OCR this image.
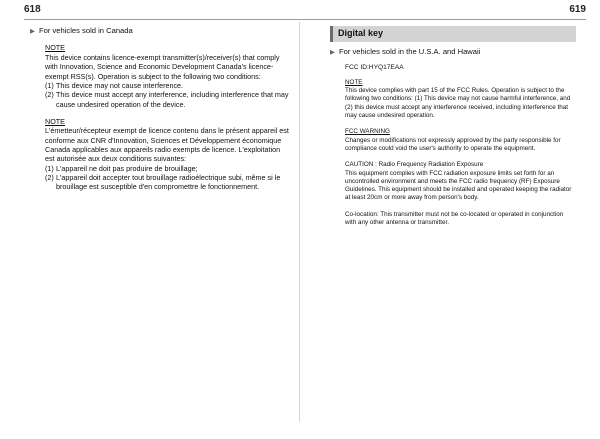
618	619
▶ For vehicles sold in Canada

NOTE

This device contains licence-exempt transmitter(s)/receiver(s) that comply with Innovation, Science and Economic Development Canada's licence-exempt RSS(s). Operation is subject to the following two conditions:

(1) This device may not cause interference.
(2) This device must accept any interference, including interference that may cause undesired operation of the device.

NOTE

L'émetteur/récepteur exempt de licence contenu dans le présent appareil est conforme aux CNR d'Innovation, Sciences et Développement économique Canada applicables aux appareils radio exempts de licence. L'exploitation est autorisée aux deux conditions suivantes:

(1) L'appareil ne doit pas produire de brouillage;
(2) L'appareil doit accepter tout brouillage radioélectrique subi, même si le brouillage est susceptible d'en compromettre le fonctionnement.
Digital key
▶ For vehicles sold in the U.S.A. and Hawaii

FCC ID:HYQ17EAA

NOTE

This device complies with part 15 of the FCC Rules. Operation is subject to the following two conditions: (1) This device may not cause harmful interference, and (2) this device must accept any interference received, including interference that may cause undesired operation.

FCC WARNING

Changes or modifications not expressly approved by the party responsible for compliance could void the user's authority to operate the equipment.

CAUTION : Radio Frequency Radiation Exposure

This equipment complies with FCC radiation exposure limits set forth for an uncontrolled environment and meets the FCC radio frequency (RF) Exposure Guidelines. This equipment should be installed and operated keeping the radiator at least 20cm or more away from person's body.

Co-location: This transmitter must not be co-located or operated in conjunction with any other antenna or transmitter.
